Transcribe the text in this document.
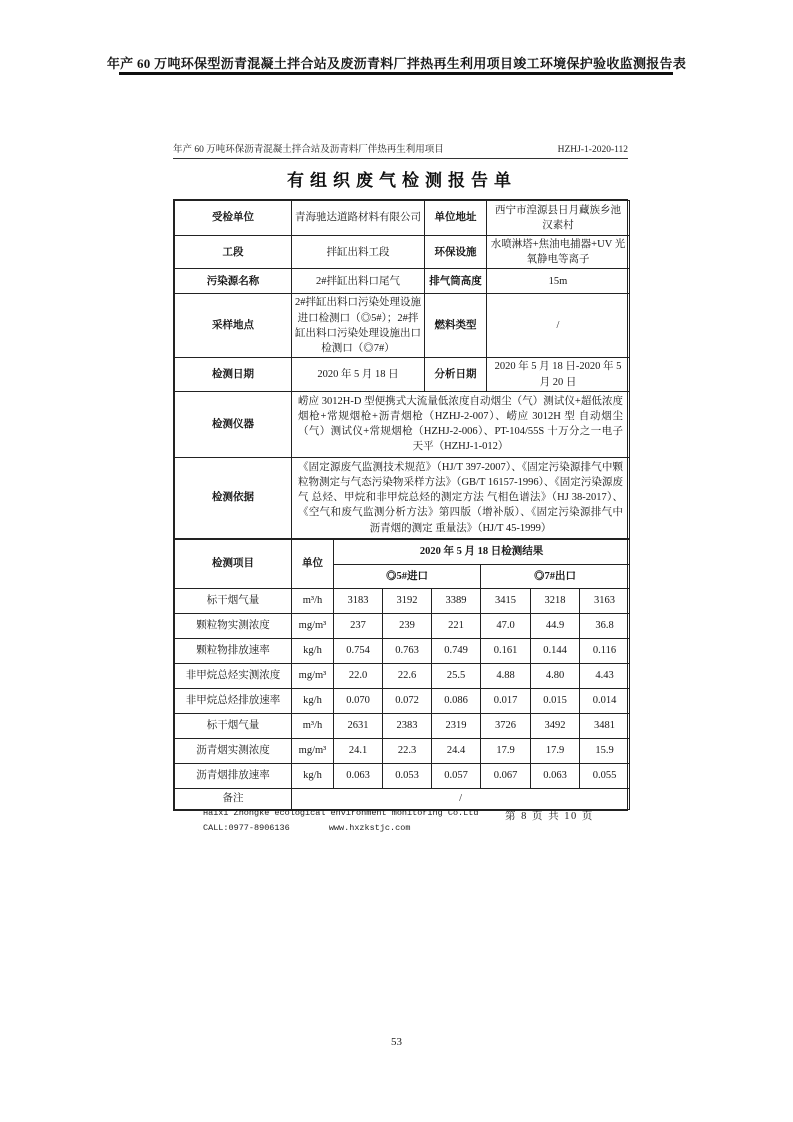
年产 60 万吨环保型沥青混凝土拌合站及废沥青料厂拌热再生利用项目竣工环境保护验收监测报告表
年产 60 万吨环保沥青混凝土拌合站及沥青料厂伴热再生利用项目	HZHJ-1-2020-112
有组织废气检测报告单
受检单位	青海驰达道路材料有限公司	单位地址	西宁市湟源县日月藏族乡池汉素村
工段	拌缸出料工段	环保设施	水喷淋塔+焦油电捕器+UV 光氧静电等离子
污染源名称	2#拌缸出料口尾气	排气筒高度	15m
采样地点	2#拌缸出料口污染处理设施进口检测口（◎5#）；2#拌缸出料口污染处理设施出口检测口（◎7#）	燃料类型	/
检测日期	2020 年 5 月 18 日	分析日期	2020 年 5 月 18 日-2020 年 5 月 20 日
检测仪器	崂应 3012H-D 型便携式大流量低浓度自动烟尘（气）测试仪+超低浓度烟枪+常规烟枪+沥青烟枪（HZHJ-2-007）、崂应 3012H 型 自动烟尘（气）测试仪+常规烟枪（HZHJ-2-006）、PT-104/55S 十万分之一电子天平（HZHJ-1-012）		
检测依据	《固定源废气监测技术规范》（HJ/T 397-2007）、《固定污染源排气中颗粒物测定与气态污染物采样方法》（GB/T 16157-1996）、《固定污染源废气 总烃、甲烷和非甲烷总烃的测定方法 气相色谱法》（HJ 38-2017）、《空气和废气监测分析方法》第四版（增补版）、《固定污染源排气中沥青烟的测定 重量法》（HJ/T 45-1999）		
检测项目	单位	2020 年 5 月 18 日检测结果					
		◎5#进口			◎7#出口		
标干烟气量	m³/h	3183	3192	3389	3415	3218	3163
颗粒物实测浓度	mg/m³	237	239	221	47.0	44.9	36.8
颗粒物排放速率	kg/h	0.754	0.763	0.749	0.161	0.144	0.116
非甲烷总烃实测浓度	mg/m³	22.0	22.6	25.5	4.88	4.80	4.43
非甲烷总烃排放速率	kg/h	0.070	0.072	0.086	0.017	0.015	0.014
标干烟气量	m³/h	2631	2383	2319	3726	3492	3481
沥青烟实测浓度	mg/m³	24.1	22.3	24.4	17.9	17.9	15.9
沥青烟排放速率	kg/h	0.063	0.053	0.057	0.067	0.063	0.055
备注	/						
Haixi Zhongke ecological environment monitoring Co.Ltd
CALL:0977-8906136	www.hxzkstjc.com
第 8 页 共 10 页
53
